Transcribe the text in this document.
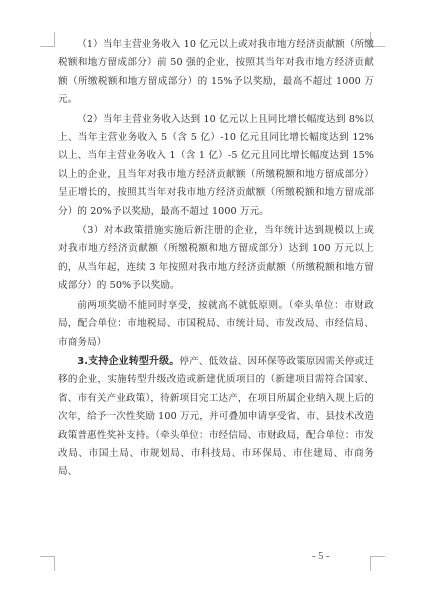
（1）当年主营业务收入 10 亿元以上或对我市地方经济贡献额（所缴税额和地方留成部分）前 50 强的企业，按照其当年对我市地方经济贡献额（所缴税额和地方留成部分）的 15%予以奖励，最高不超过 1000 万元。

（2）当年主营业务收入达到 10 亿元以上且同比增长幅度达到 8%以上、当年主营业务收入 5（含 5 亿）-10 亿元且同比增长幅度达到 12%以上、当年主营业务收入 1（含 1 亿）-5 亿元且同比增长幅度达到 15%以上的企业，且当年对我市地方经济贡献额（所缴税额和地方留成部分）呈正增长的，按照其当年对我市地方经济贡献额（所缴税额和地方留成部分）的 20%予以奖励，最高不超过 1000 万元。

（3）对本政策措施实施后新注册的企业，当年统计达到规模以上或对我市地方经济贡献额（所缴税额和地方留成部分）达到 100 万元以上的，从当年起，连续 3 年按照对我市地方经济贡献额（所缴税额和地方留成部分）的 50%予以奖励。

前两项奖励不能同时享受，按就高不就低原则。（牵头单位：市财政局，配合单位：市地税局、市国税局、市统计局、市发改局、市经信局、市商务局）

3.支持企业转型升级。停产、低效益、因环保等政策原因需关停或迁移的企业，实施转型升级改造或新建优质项目的（新建项目需符合国家、省、市有关产业政策），待新项目完工达产，在项目所属企业纳入规上后的次年，给予一次性奖励 100 万元，并可叠加申请享受省、市、县技术改造政策普惠性奖补支持。（牵头单位：市经信局、市财政局，配合单位：市发改局、市国土局、市规划局、市科技局、市环保局、市住建局、市商务局、

- 5 -
